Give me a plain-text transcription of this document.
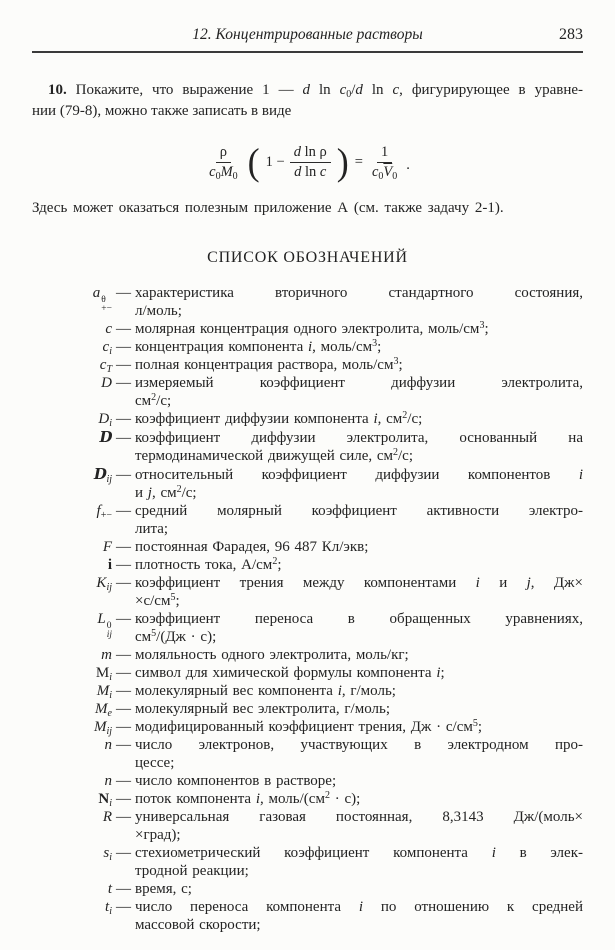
12. Концентрированные растворы	283

10. Покажите, что выражение 1 — d $\ln c_0/d$ ln c, фигурирующее в уравне-
нии (79-8), можно также записать в виде

$\frac{\rho}{c_0M_0}$ ( $1 - \frac{\text{d ln ρ}}{\text{d ln c}}$ ) = $\frac{1}{c_0\overline{V}_0}$ .

Здесь может оказаться полезным приложение А (см. также задачу 2-1).

СПИСОК ОБОЗНАЧЕНИЙ
a θ
+−
— характеристика вторичного стандартного состояния,
л/моль;
c — молярная концентрация одного электролита, моль/$см^3$;
$c_i$ — концентрация компонента i, моль/$см^3$;
$c_T$ — полная концентрация раствора, моль/$см^3$;
D — измеряемый коэффициент диффузии электролита,
$см^2/с$;
$D_i$ — коэффициент диффузии компонента i, $см^2/с$;
D — коэффициент диффузии электролита, основанный на
термодинамической движущей силе, $см^2/с$;
$D_{ij}$ — относительный коэффициент диффузии компонентов i
и j, $см^2/с$;
$f_{+-}$ — средний молярный коэффициент активности электро-
лита;
F — постоянная Фарадея, 96 487 Кл/экв;
i — плотность тока, $А/см^2$;
$K_{ij}$ — коэффициент трения между компонентами i и j, Дж×
$\times с/см^5$;
L 0
ij
— коэффициент переноса в обращенных уравнениях,
$см^5/(Дж \cdot с)$;
m — моляльность одного электролита, моль/кг;
$M_i$ — символ для химической формулы компонента i;
$M_i$ — молекулярный вес компонента i, г/моль;
$M_e$ — молекулярный вес электролита, г/моль;
$M_{ij}$ — модифицированный коэффициент трения, Дж · $с/см^5$;
n — число электронов, участвующих в электродном про-
цессе;
n — число компонентов в растворе;
$N_i$ — поток компонента i, моль/$(см^2 \cdot с)$;
R — универсальная газовая постоянная, 8,3143 Дж/(моль×
×град);
$s_i$ — стехиометрический коэффициент компонента i в элек-
тродной реакции;
t — время, с;
$t_i$ — число переноса компонента i по отношению к средней
массовой скорости;
